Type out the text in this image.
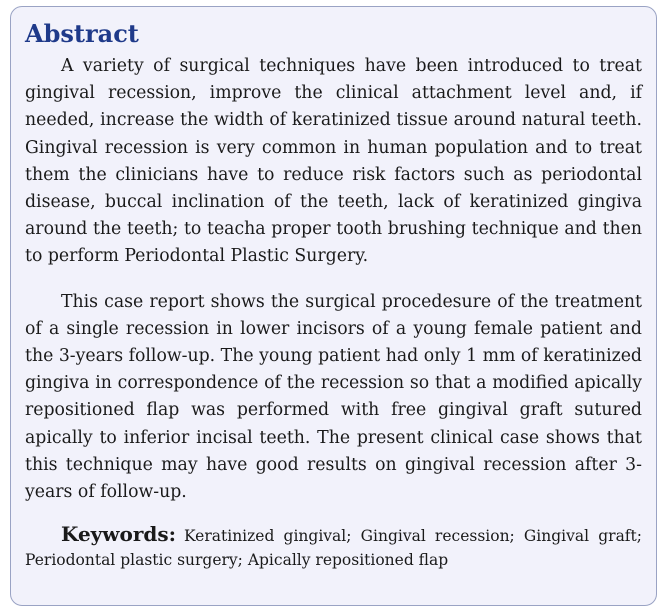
Abstract

A variety of surgical techniques have been introduced to treat gingival recession, improve the clinical attachment level and, if needed, increase the width of keratinized tissue around natural teeth. Gingival recession is very common in human population and to treat them the clinicians have to reduce risk factors such as periodontal disease, buccal inclination of the teeth, lack of keratinized gingiva around the teeth; to teacha proper tooth brushing technique and then to perform Periodontal Plastic Surgery.

This case report shows the surgical procedesure of the treatment of a single recession in lower incisors of a young female patient and the 3-years follow-up. The young patient had only 1 mm of keratinized gingiva in correspondence of the recession so that a modified apically repositioned flap was performed with free gingival graft sutured apically to inferior incisal teeth. The present clinical case shows that this technique may have good results on gingival recession after 3-years of follow-up.

Keywords: Keratinized gingival; Gingival recession; Gingival graft; Periodontal plastic surgery; Apically repositioned flap
